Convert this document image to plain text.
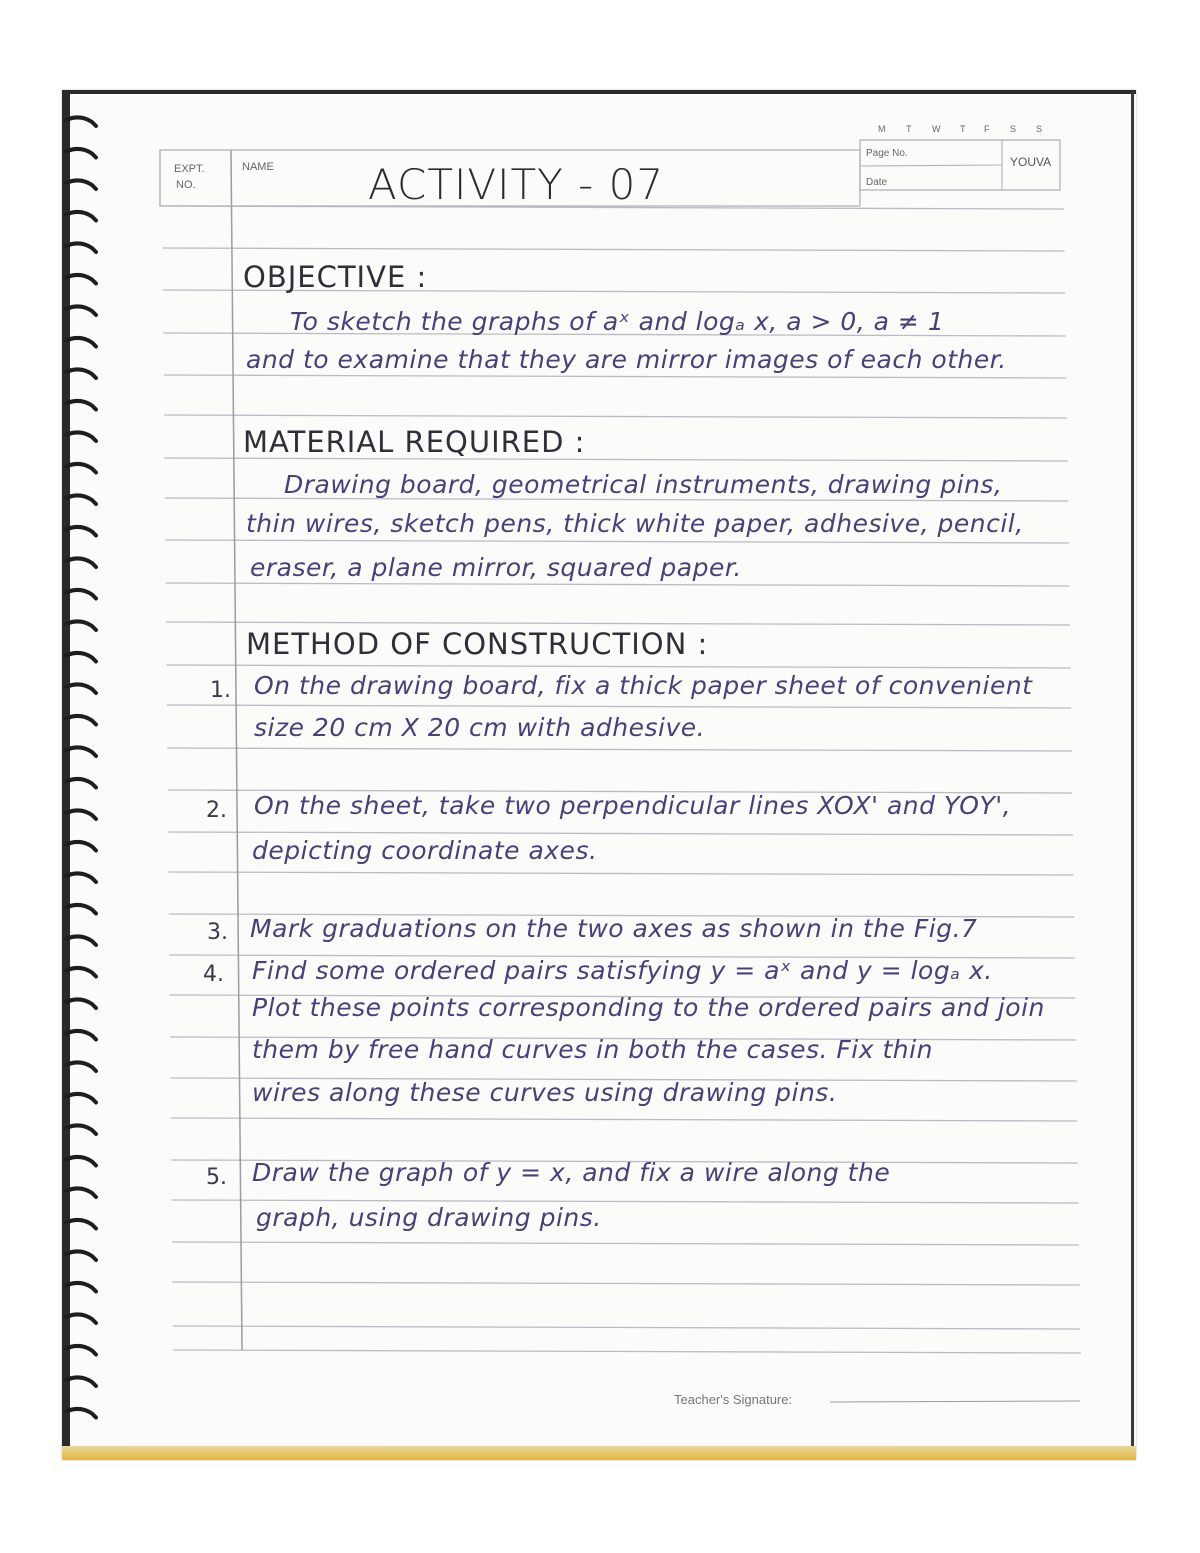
EXPT.
NO.
NAME ACTIVITY - 07
M T W T F S S
Page No.
Date
YOUVA
OBJECTIVE :
To sketch the graphs of aˣ and logₐ x, a > 0, a ≠ 1
and to examine that they are mirror images of each other.
MATERIAL REQUIRED :
Drawing board, geometrical instruments, drawing pins,
thin wires, sketch pens, thick white paper, adhesive, pencil,
eraser, a plane mirror, squared paper.
METHOD OF CONSTRUCTION :
1. On the drawing board, fix a thick paper sheet of convenient
size 20 cm X 20 cm with adhesive.
2. On the sheet, take two perpendicular lines XOX' and YOY',
depicting coordinate axes.
3. Mark graduations on the two axes as shown in the Fig.7
4. Find some ordered pairs satisfying y = aˣ and y = logₐ x.
Plot these points corresponding to the ordered pairs and join
them by free hand curves in both the cases. Fix thin
wires along these curves using drawing pins.
5. Draw the graph of y = x, and fix a wire along the
graph, using drawing pins.
Teacher's Signature:
